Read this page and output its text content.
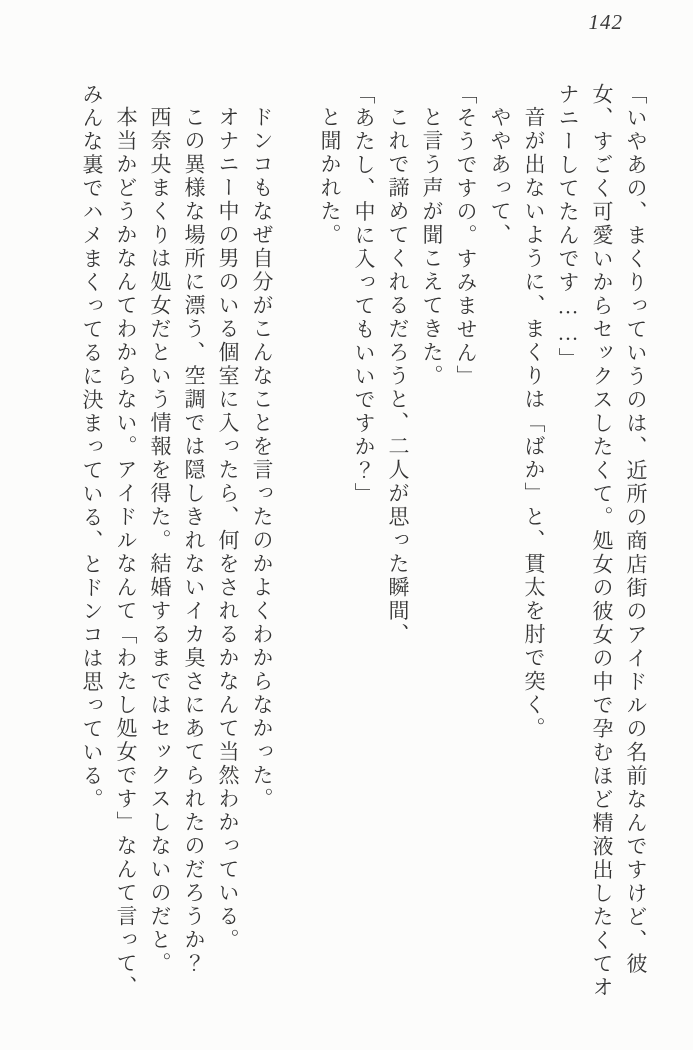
142

「いやあの、まくりっていうのは、近所の商店街のアイドルの名前なんですけど、彼女、すごく可愛いからセックスしたくて。処女の彼女の中で孕むほど精液出したくてオナニーしてたんです……」

音が出ないように、まくりは「ばか」と、貫太を肘で突く。

ややあって、

「そうですの。すみません」

と言う声が聞こえてきた。

これで諦めてくれるだろうと、二人が思った瞬間、

「あたし、中に入ってもいいですか？」

と聞かれた。

ドンコもなぜ自分がこんなことを言ったのかよくわからなかった。

オナニー中の男のいる個室に入ったら、何をされるかなんて当然わかっている。

この異様な場所に漂う、空調では隠しきれないイカ臭さにあてられたのだろうか？

西奈央まくりは処女だという情報を得た。結婚するまではセックスしないのだと。

本当かどうかなんてわからない。アイドルなんて「わたし処女です」なんて言って、みんな裏でハメまくってるに決まっている、とドンコは思っている。
